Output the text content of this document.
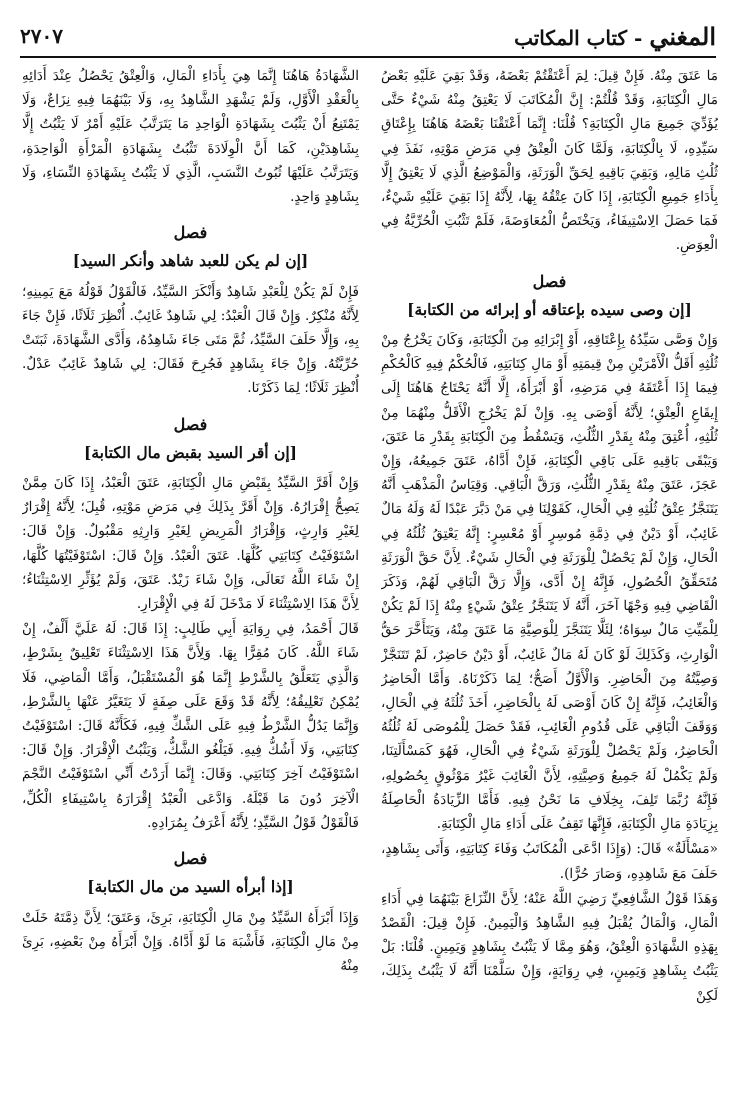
المغني - كتاب المكاتب
٢٧٠٧

مَا عَتَقَ مِنْهُ. فَإِنْ قِيلَ: لِمَ أَعْتَقْتُمْ بَعْضَهُ، وَقَدْ بَقِيَ عَلَيْهِ بَعْضُ مَالِ الْكِتَابَةِ، وَقَدْ قُلْتُمْ: إِنَّ الْمُكَاتَبَ لَا يَعْتِقُ مِنْهُ شَيْءٌ حَتَّى يُؤَدِّيَ جَمِيعَ مَالِ الْكِتَابَةِ؟ قُلْنَا: إِنَّمَا أَعْتَقْنَا بَعْضَهُ هَاهُنَا بِإِعْتَاقِ سَيِّدِهِ، لَا بِالْكِتَابَةِ، وَلَمَّا كَانَ الْعِتْقُ فِي مَرَضِ مَوْتِهِ، نَفَذَ فِي ثُلُثِ مَالِهِ، وَبَقِيَ بَاقِيهِ لِحَقِّ الْوَرَثَةِ، وَالْمَوْضِعُ الَّذِي لَا يَعْتِقُ إِلَّا بِأَدَاءِ جَمِيعِ الْكِتَابَةِ، إِذَا كَانَ عِتْقُهُ بِهَا، لِأَنَّهُ إِذَا بَقِيَ عَلَيْهِ شَيْءٌ، فَمَا حَصَلَ الِاسْتِيفَاءُ، وَيَخْتَصُّ الْمُعَاوَضَةَ، فَلَمْ تَثْبُتِ الْحُرِّيَّةُ فِي الْعِوَضِ.

فصل
[إن وصى سيده بإعتاقه أو إبرائه من الكتابة]

وَإِنْ وَصَّى سَيِّدُهُ بِإِعْتَاقِهِ، أَوْ إِبْرَائِهِ مِنَ الْكِتَابَةِ، وَكَانَ يَخْرُجُ مِنْ ثُلُثِهِ أَقَلُّ الْأَمْرَيْنِ مِنْ قِيمَتِهِ أَوْ مَالِ كِتَابَتِهِ، فَالْحُكْمُ فِيهِ كَالْحُكْمِ فِيمَا إِذَا أَعْتَقَهُ فِي مَرَضِهِ، أَوْ أَبْرَأَهُ، إِلَّا أَنَّهُ يَحْتَاجُ هَاهُنَا إِلَى إِيقَاعِ الْعِتْقِ؛ لِأَنَّهُ أَوْصَى بِهِ. وَإِنْ لَمْ يَخْرُجِ الْأَقَلُّ مِنْهُمَا مِنْ ثُلُثِهِ، أُعْتِقَ مِنْهُ بِقَدْرِ الثُّلُثِ، وَيَسْقُطُ مِنَ الْكِتَابَةِ بِقَدْرِ مَا عَتَقَ، وَيَبْقَى بَاقِيهِ عَلَى بَاقِي الْكِتَابَةِ، فَإِنْ أَدَّاهُ، عَتَقَ جَمِيعُهُ، وَإِنْ عَجَزَ، عَتَقَ مِنْهُ بِقَدْرِ الثُّلُثِ، وَرَقَّ الْبَاقِي. وَقِيَاسُ الْمَذْهَبِ أَنَّهُ يَتَنَجَّزُ عِتْقُ ثُلُثِهِ فِي الْحَالِ، كَقَوْلِنَا فِي مَنْ دَبَّرَ عَبْدًا لَهُ وَلَهُ مَالٌ غَائِبٌ، أَوْ دَيْنٌ فِي ذِمَّةِ مُوسِرٍ أَوْ مُعْسِرٍ: إِنَّهُ يَعْتِقُ ثُلُثُهُ فِي الْحَالِ، وَإِنْ لَمْ يَحْصُلْ لِلْوَرَثَةِ فِي الْحَالِ شَيْءٌ. لِأَنَّ حَقَّ الْوَرَثَةِ مُتَحَقِّقُ الْحُصُولِ، فَإِنَّهُ إِنْ أَدَّى، وَإِلَّا رَقَّ الْبَاقِي لَهُمْ، وَذَكَرَ الْقَاضِي فِيهِ وَجْهًا آخَرَ، أَنَّهُ لَا يَتَنَجَّزُ عِتْقُ شَيْءٍ مِنْهُ إِذَا لَمْ يَكُنْ لِلْمَيِّتِ مَالٌ سِوَاهُ؛ لِئَلَّا يَتَنَجَّزَ لِلْوَصِيَّةِ مَا عَتَقَ مِنْهُ، وَيَتَأَخَّرَ حَقُّ الْوَارِثِ، وَكَذَلِكَ لَوْ كَانَ لَهُ مَالٌ غَائِبٌ، أَوْ دَيْنٌ حَاضِرٌ، لَمْ تَتَنَجَّزْ وَصِيَّتُهُ مِنَ الْحَاضِرِ. وَالْأَوَّلُ أَصَحُّ؛ لِمَا ذَكَرْنَاهُ. وَأَمَّا الْحَاضِرُ وَالْغَائِبُ، فَإِنَّهُ إِنْ كَانَ أَوْصَى لَهُ بِالْحَاضِرِ، أَخَذَ ثُلُثَهُ فِي الْحَالِ، وَوَقَفَ الْبَاقِي عَلَى قُدُومِ الْغَائِبِ، فَقَدْ حَصَلَ لِلْمُوصَى لَهُ ثُلُثُهُ الْحَاضِرُ، وَلَمْ يَحْصُلْ لِلْوَرَثَةِ شَيْءٌ فِي الْحَالِ، فَهُوَ كَمَسْأَلَتِنَا، وَلَمْ يَكْمُلْ لَهُ جَمِيعُ وَصِيَّتِهِ، لِأَنَّ الْغَائِبَ غَيْرُ مَوْثُوقٍ بِحُصُولِهِ، فَإِنَّهُ رُبَّمَا تَلِفَ، بِخِلَافِ مَا نَحْنُ فِيهِ. فَأَمَّا الزِّيَادَةُ الْحَاصِلَةُ بِزِيَادَةِ مَالِ الْكِتَابَةِ، فَإِنَّهَا تَقِفُ عَلَى أَدَاءِ مَالِ الْكِتَابَةِ.

«مَسْأَلَةٌ» قَالَ: (وَإِذَا ادَّعَى الْمُكَاتَبُ وَفَاءَ كِتَابَتِهِ، وَأَتَى بِشَاهِدٍ، حَلَفَ مَعَ شَاهِدِهِ، وَصَارَ حُرًّا).

وَهَذَا قَوْلُ الشَّافِعِيِّ رَضِيَ اللَّهُ عَنْهُ؛ لِأَنَّ النِّزَاعَ بَيْنَهُمَا فِي أَدَاءِ الْمَالِ، وَالْمَالُ يُقْبَلُ فِيهِ الشَّاهِدُ وَالْيَمِينُ. فَإِنْ قِيلَ: الْقَصْدُ بِهَذِهِ الشَّهَادَةِ الْعِتْقُ، وَهُوَ مِمَّا لَا يَثْبُتُ بِشَاهِدٍ وَيَمِينٍ. قُلْنَا: بَلْ يَثْبُتُ بِشَاهِدٍ وَيَمِينٍ، فِي رِوَايَةٍ، وَإِنْ سَلَّمْنَا أَنَّهُ لَا يَثْبُتُ بِذَلِكَ، لَكِنْ

الشَّهَادَةُ هَاهُنَا إِنَّمَا هِيَ بِأَدَاءِ الْمَالِ، وَالْعِتْقُ يَحْصُلُ عِنْدَ أَدَائِهِ بِالْعَقْدِ الْأَوَّلِ، وَلَمْ يَشْهَدِ الشَّاهِدُ بِهِ، وَلَا بَيْنَهُمَا فِيهِ نِزَاعٌ، وَلَا يَمْتَنِعُ أَنْ يَثْبُتَ بِشَهَادَةِ الْوَاحِدِ مَا يَتَرَتَّبُ عَلَيْهِ أَمْرٌ لَا يَثْبُتُ إِلَّا بِشَاهِدَيْنِ، كَمَا أَنَّ الْوِلَادَةَ تَثْبُتُ بِشَهَادَةِ الْمَرْأَةِ الْوَاحِدَةِ، وَيَتَرَتَّبُ عَلَيْهَا ثُبُوتُ النَّسَبِ، الَّذِي لَا يَثْبُتُ بِشَهَادَةِ النِّسَاءِ، وَلَا بِشَاهِدٍ وَاحِدٍ.

فصل
[إن لم يكن للعبد شاهد وأنكر السيد]

فَإِنْ لَمْ يَكُنْ لِلْعَبْدِ شَاهِدٌ وَأَنْكَرَ السَّيِّدُ، فَالْقَوْلُ قَوْلُهُ مَعَ يَمِينِهِ؛ لِأَنَّهُ مُنْكِرٌ. وَإِنْ قَالَ الْعَبْدُ: لِي شَاهِدٌ غَائِبٌ. أُنْظِرَ ثَلَاثًا، فَإِنْ جَاءَ بِهِ، وَإِلَّا حَلَفَ السَّيِّدُ، ثُمَّ مَتَى جَاءَ شَاهِدُهُ، وَأَدَّى الشَّهَادَةَ، ثَبَتَتْ حُرِّيَّتُهُ. وَإِنْ جَاءَ بِشَاهِدٍ فَجُرِحَ فَقَالَ: لِي شَاهِدٌ غَائِبٌ عَدْلٌ. أُنْظِرَ ثَلَاثًا؛ لِمَا ذَكَرْنَا.

فصل
[إن أقر السيد بقبض مال الكتابة]

وَإِنْ أَقَرَّ السَّيِّدُ بِقَبْضِ مَالِ الْكِتَابَةِ، عَتَقَ الْعَبْدُ، إِذَا كَانَ مِمَّنْ يَصِحُّ إِقْرَارُهُ. وَإِنْ أَقَرَّ بِذَلِكَ فِي مَرَضِ مَوْتِهِ، قُبِلَ؛ لِأَنَّهُ إِقْرَارٌ لِغَيْرِ وَارِثٍ، وَإِقْرَارُ الْمَرِيضِ لِغَيْرِ وَارِثِهِ مَقْبُولٌ. وَإِنْ قَالَ: اسْتَوْفَيْتُ كِتَابَتِي كُلَّهَا. عَتَقَ الْعَبْدُ. وَإِنْ قَالَ: اسْتَوْفَيْتُهَا كُلَّهَا، إِنْ شَاءَ اللَّهُ تَعَالَى، وَإِنْ شَاءَ زَيْدٌ. عَتَقَ، وَلَمْ يُؤَثِّرِ الِاسْتِثْنَاءُ؛ لِأَنَّ هَذَا الِاسْتِثْنَاءَ لَا مَدْخَلَ لَهُ فِي الْإِقْرَارِ.

قَالَ أَحْمَدُ، فِي رِوَايَةِ أَبِي طَالِبٍ: إِذَا قَالَ: لَهُ عَلَيَّ أَلْفٌ، إِنْ شَاءَ اللَّهُ. كَانَ مُقِرًّا بِهَا. وَلِأَنَّ هَذَا الِاسْتِثْنَاءَ تَعْلِيقٌ بِشَرْطٍ، وَالَّذِي يَتَعَلَّقُ بِالشَّرْطِ إِنَّمَا هُوَ الْمُسْتَقْبَلُ، وَأَمَّا الْمَاضِي، فَلَا يُمْكِنُ تَعْلِيقُهُ؛ لِأَنَّهُ قَدْ وَقَعَ عَلَى صِفَةٍ لَا يَتَغَيَّرُ عَنْهَا بِالشَّرْطِ، وَإِنَّمَا يَدُلُّ الشَّرْطُ فِيهِ عَلَى الشَّكِّ فِيهِ، فَكَأَنَّهُ قَالَ: اسْتَوْفَيْتُ كِتَابَتِي، وَلَا أَشُكُّ فِيهِ. فَيَلْغُو الشَّكُّ، وَيَثْبُتُ الْإِقْرَارُ. وَإِنْ قَالَ: اسْتَوْفَيْتُ آخِرَ كِتَابَتِي. وَقَالَ: إِنَّمَا أَرَدْتُ أَنِّي اسْتَوْفَيْتُ النَّجْمَ الْآخِرَ دُونَ مَا قَبْلَهُ. وَادَّعَى الْعَبْدُ إِقْرَارَهُ بِاسْتِيفَاءِ الْكُلِّ، فَالْقَوْلُ قَوْلُ السَّيِّدِ؛ لِأَنَّهُ أَعْرَفُ بِمُرَادِهِ.

فصل
[إذا أبرأه السيد من مال الكتابة]

وَإِذَا أَبْرَأَهُ السَّيِّدُ مِنْ مَالِ الْكِتَابَةِ، بَرِئَ، وَعَتَقَ؛ لِأَنَّ ذِمَّتَهُ خَلَتْ مِنْ مَالِ الْكِتَابَةِ، فَأَشْبَهَ مَا لَوْ أَدَّاهُ. وَإِنْ أَبْرَأَهُ مِنْ بَعْضِهِ، بَرِئَ مِنْهُ
